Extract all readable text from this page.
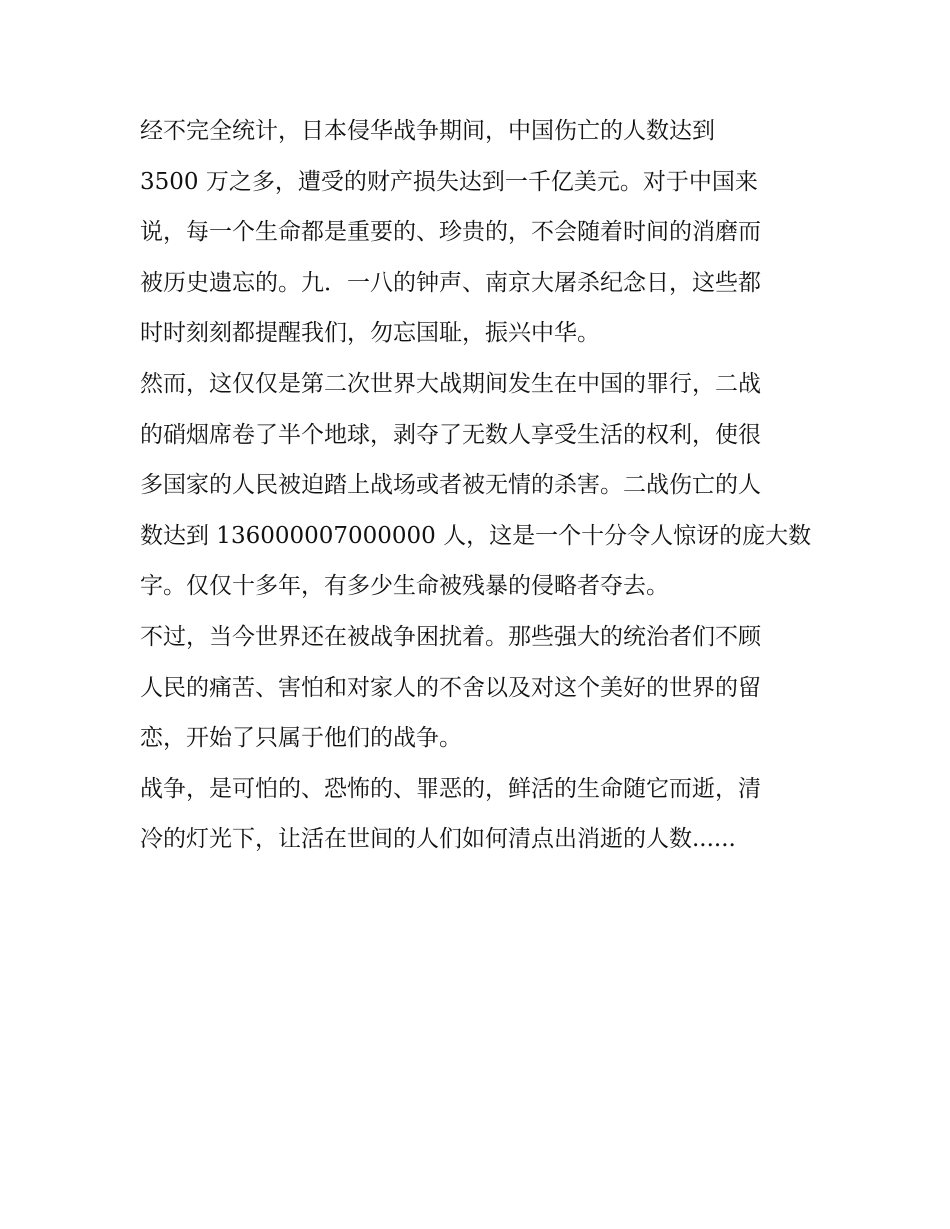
经不完全统计，日本侵华战争期间，中国伤亡的人数达到
3500 万之多，遭受的财产损失达到一千亿美元。对于中国来
说，每一个生命都是重要的、珍贵的，不会随着时间的消磨而
被历史遗忘的。九．一八的钟声、南京大屠杀纪念日，这些都
时时刻刻都提醒我们，勿忘国耻，振兴中华。
然而，这仅仅是第二次世界大战期间发生在中国的罪行，二战
的硝烟席卷了半个地球，剥夺了无数人享受生活的权利，使很
多国家的人民被迫踏上战场或者被无情的杀害。二战伤亡的人
数达到 136000007000000 人，这是一个十分令人惊讶的庞大数
字。仅仅十多年，有多少生命被残暴的侵略者夺去。
不过，当今世界还在被战争困扰着。那些强大的统治者们不顾
人民的痛苦、害怕和对家人的不舍以及对这个美好的世界的留
恋，开始了只属于他们的战争。
战争，是可怕的、恐怖的、罪恶的，鲜活的生命随它而逝，清
冷的灯光下，让活在世间的人们如何清点出消逝的人数......
